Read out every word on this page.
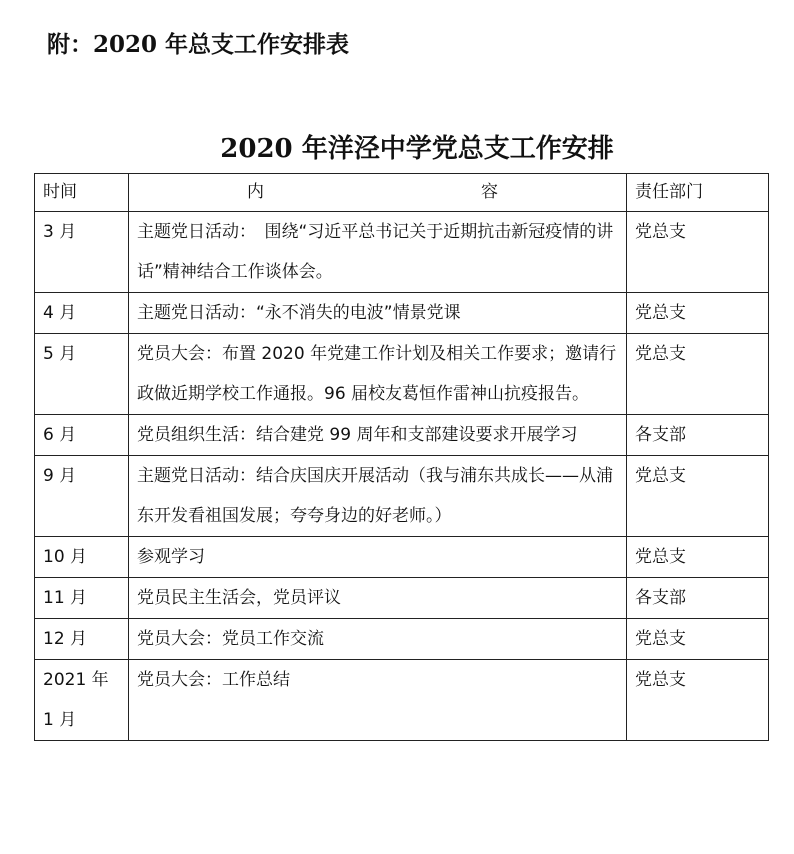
附：2020 年总支工作安排表
2020 年洋泾中学党总支工作安排
时间	内 容	责任部门
3 月	主题党日活动：　围绕“习近平总书记关于近期抗击新冠疫情的讲话”精神结合工作谈体会。	党总支
4 月	主题党日活动：“永不消失的电波”情景党课	党总支
5 月	党员大会：布置 2020 年党建工作计划及相关工作要求；邀请行政做近期学校工作通报。96 届校友葛恒作雷神山抗疫报告。	党总支
6 月	党员组织生活：结合建党 99 周年和支部建设要求开展学习	各支部
9 月	主题党日活动：结合庆国庆开展活动（我与浦东共成长——从浦东开发看祖国发展；夸夸身边的好老师。）	党总支
10 月	参观学习	党总支
11 月	党员民主生活会，党员评议	各支部
12 月	党员大会：党员工作交流	党总支
2021 年 1 月	党员大会：工作总结	党总支
